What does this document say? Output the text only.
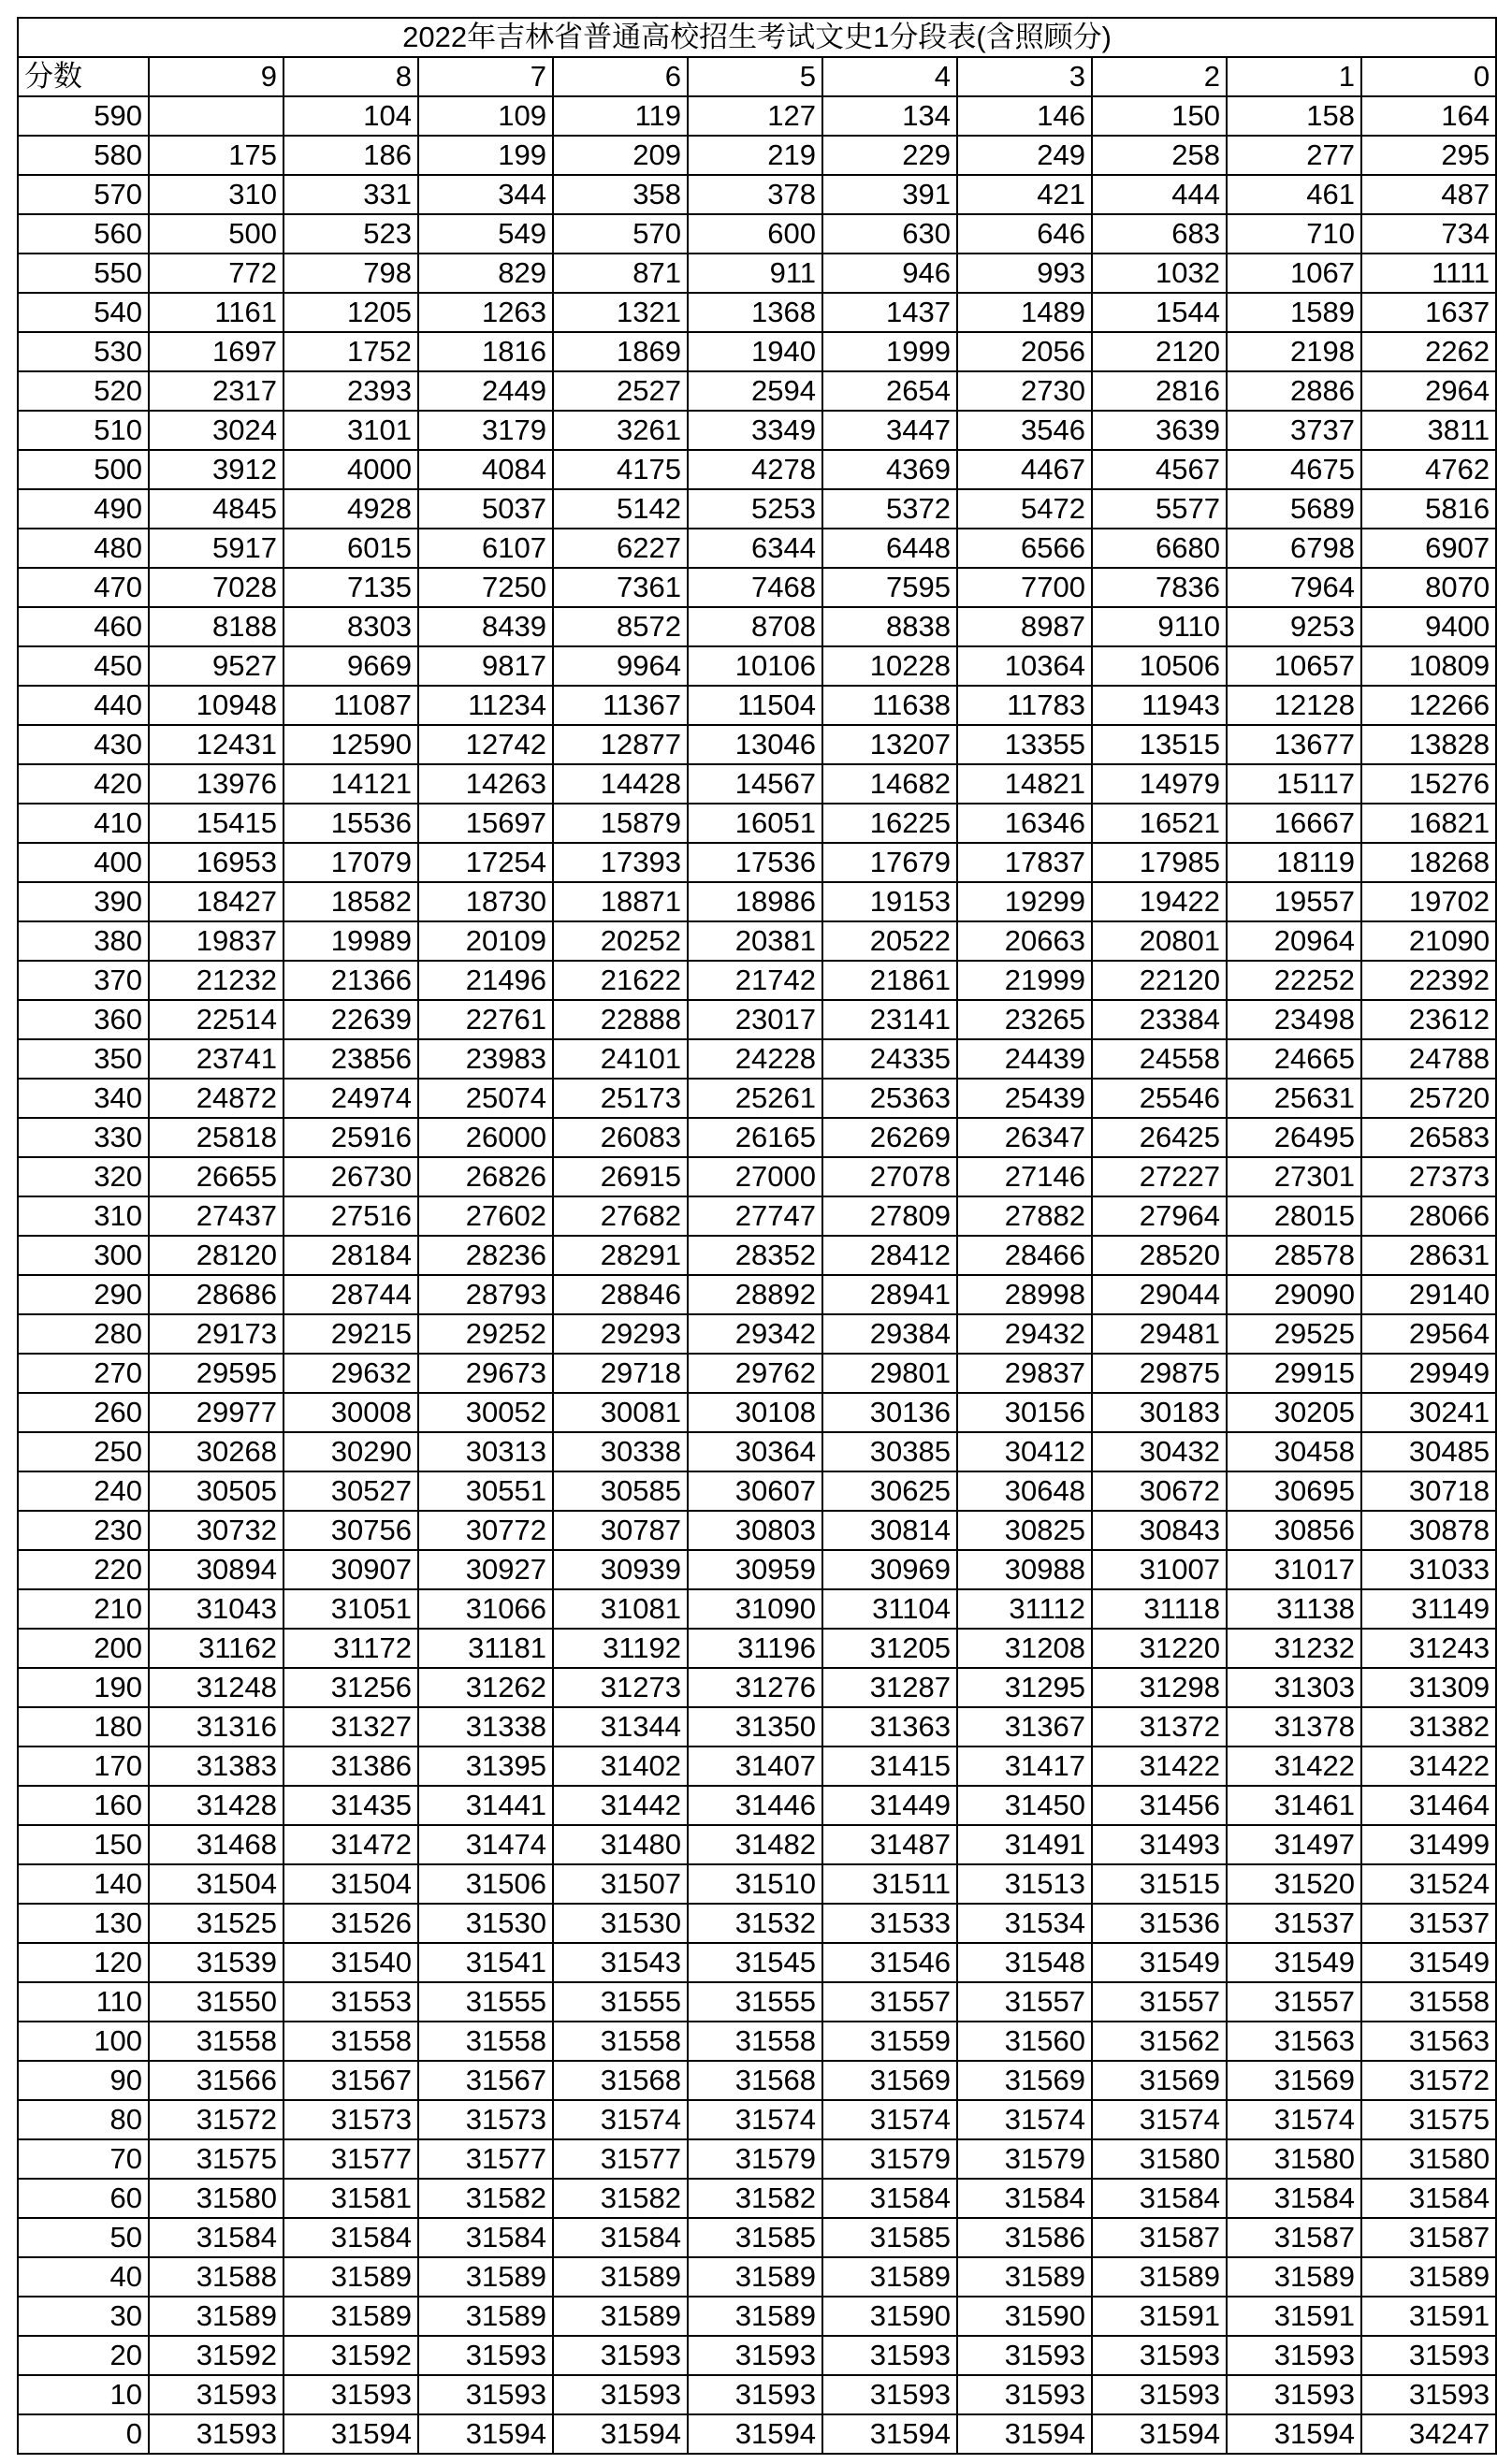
2022年吉林省普通高校招生考试文史1分段表(含照顾分)										
分数	9	8	7	6	5	4	3	2	1	0
590		104	109	119	127	134	146	150	158	164
580	175	186	199	209	219	229	249	258	277	295
570	310	331	344	358	378	391	421	444	461	487
560	500	523	549	570	600	630	646	683	710	734
550	772	798	829	871	911	946	993	1032	1067	1111
540	1161	1205	1263	1321	1368	1437	1489	1544	1589	1637
530	1697	1752	1816	1869	1940	1999	2056	2120	2198	2262
520	2317	2393	2449	2527	2594	2654	2730	2816	2886	2964
510	3024	3101	3179	3261	3349	3447	3546	3639	3737	3811
500	3912	4000	4084	4175	4278	4369	4467	4567	4675	4762
490	4845	4928	5037	5142	5253	5372	5472	5577	5689	5816
480	5917	6015	6107	6227	6344	6448	6566	6680	6798	6907
470	7028	7135	7250	7361	7468	7595	7700	7836	7964	8070
460	8188	8303	8439	8572	8708	8838	8987	9110	9253	9400
450	9527	9669	9817	9964	10106	10228	10364	10506	10657	10809
440	10948	11087	11234	11367	11504	11638	11783	11943	12128	12266
430	12431	12590	12742	12877	13046	13207	13355	13515	13677	13828
420	13976	14121	14263	14428	14567	14682	14821	14979	15117	15276
410	15415	15536	15697	15879	16051	16225	16346	16521	16667	16821
400	16953	17079	17254	17393	17536	17679	17837	17985	18119	18268
390	18427	18582	18730	18871	18986	19153	19299	19422	19557	19702
380	19837	19989	20109	20252	20381	20522	20663	20801	20964	21090
370	21232	21366	21496	21622	21742	21861	21999	22120	22252	22392
360	22514	22639	22761	22888	23017	23141	23265	23384	23498	23612
350	23741	23856	23983	24101	24228	24335	24439	24558	24665	24788
340	24872	24974	25074	25173	25261	25363	25439	25546	25631	25720
330	25818	25916	26000	26083	26165	26269	26347	26425	26495	26583
320	26655	26730	26826	26915	27000	27078	27146	27227	27301	27373
310	27437	27516	27602	27682	27747	27809	27882	27964	28015	28066
300	28120	28184	28236	28291	28352	28412	28466	28520	28578	28631
290	28686	28744	28793	28846	28892	28941	28998	29044	29090	29140
280	29173	29215	29252	29293	29342	29384	29432	29481	29525	29564
270	29595	29632	29673	29718	29762	29801	29837	29875	29915	29949
260	29977	30008	30052	30081	30108	30136	30156	30183	30205	30241
250	30268	30290	30313	30338	30364	30385	30412	30432	30458	30485
240	30505	30527	30551	30585	30607	30625	30648	30672	30695	30718
230	30732	30756	30772	30787	30803	30814	30825	30843	30856	30878
220	30894	30907	30927	30939	30959	30969	30988	31007	31017	31033
210	31043	31051	31066	31081	31090	31104	31112	31118	31138	31149
200	31162	31172	31181	31192	31196	31205	31208	31220	31232	31243
190	31248	31256	31262	31273	31276	31287	31295	31298	31303	31309
180	31316	31327	31338	31344	31350	31363	31367	31372	31378	31382
170	31383	31386	31395	31402	31407	31415	31417	31422	31422	31422
160	31428	31435	31441	31442	31446	31449	31450	31456	31461	31464
150	31468	31472	31474	31480	31482	31487	31491	31493	31497	31499
140	31504	31504	31506	31507	31510	31511	31513	31515	31520	31524
130	31525	31526	31530	31530	31532	31533	31534	31536	31537	31537
120	31539	31540	31541	31543	31545	31546	31548	31549	31549	31549
110	31550	31553	31555	31555	31555	31557	31557	31557	31557	31558
100	31558	31558	31558	31558	31558	31559	31560	31562	31563	31563
90	31566	31567	31567	31568	31568	31569	31569	31569	31569	31572
80	31572	31573	31573	31574	31574	31574	31574	31574	31574	31575
70	31575	31577	31577	31577	31579	31579	31579	31580	31580	31580
60	31580	31581	31582	31582	31582	31584	31584	31584	31584	31584
50	31584	31584	31584	31584	31585	31585	31586	31587	31587	31587
40	31588	31589	31589	31589	31589	31589	31589	31589	31589	31589
30	31589	31589	31589	31589	31589	31590	31590	31591	31591	31591
20	31592	31592	31593	31593	31593	31593	31593	31593	31593	31593
10	31593	31593	31593	31593	31593	31593	31593	31593	31593	31593
0	31593	31594	31594	31594	31594	31594	31594	31594	31594	34247
